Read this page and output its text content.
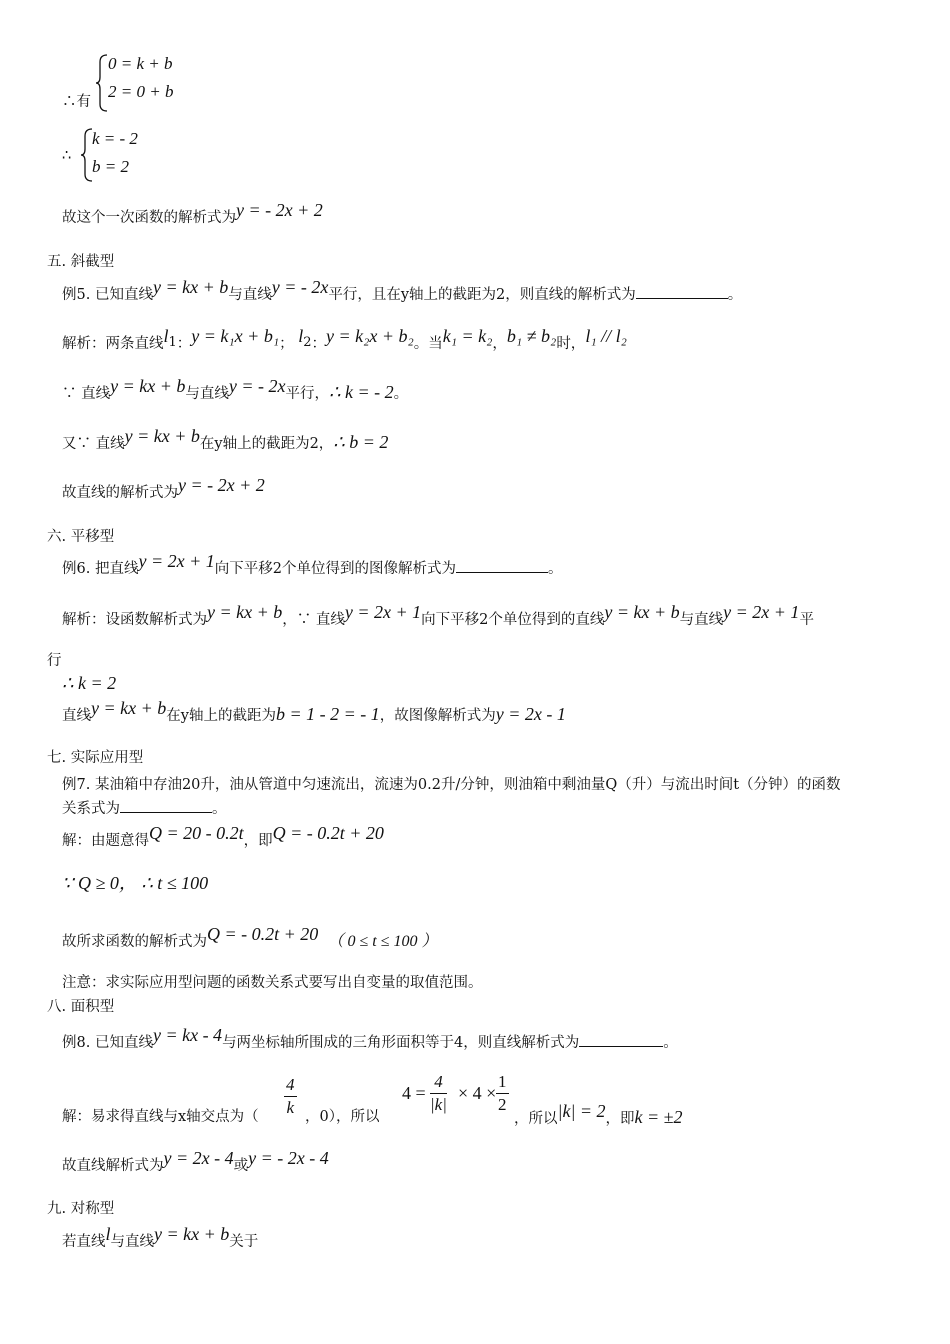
∴有
0 = k + b
2 = 0 + b
∴
k = - 2
b = 2
故这个一次函数的解析式为y = - 2x + 2
五. 斜截型
例5. 已知直线y = kx + b与直线y = - 2x平行，且在y轴上的截距为2，则直线的解析式为	。
解析：两条直线l1：y = k₁x + b₁； l2：y = k₂x + b₂。当k₁ = k₂，b₁ ≠ b₂时，l₁ // l₂
∵ 直线y = kx + b与直线y = - 2x平行，∴ k = - 2。
又∵ 直线y = kx + b在y轴上的截距为2，∴ b = 2
故直线的解析式为y = - 2x + 2
六. 平移型
例6. 把直线y = 2x + 1向下平移2个单位得到的图像解析式为	。
解析：设函数解析式为y = kx + b，∵ 直线y = 2x + 1向下平移2个单位得到的直线y = kx + b与直线y = 2x + 1平
行
∴ k = 2
直线y = kx + b在y轴上的截距为b = 1 - 2 = - 1，故图像解析式为y = 2x - 1
七. 实际应用型
例7. 某油箱中存油20升，油从管道中匀速流出，流速为0.2升/分钟，则油箱中剩油量Q（升）与流出时间t（分钟）的函数
关系式为	。
解：由题意得Q = 20 - 0.2t，即Q = - 0.2t + 20
∵ Q ≥ 0， ∴ t ≤ 100
故所求函数的解析式为Q = - 0.2t + 20 （ 0 ≤ t ≤ 100 ）
注意：求实际应用型问题的函数关系式要写出自变量的取值范围。
八. 面积型
例8. 已知直线y = kx - 4与两坐标轴所围成的三角形面积等于4，则直线解析式为	。
解：易求得直线与x轴交点为（ $\frac{4}{k}$ ，0），所以
$4 = \frac{4}{|k|} \times 4 \times \frac{1}{2}$
，所以|k| = 2，即k = ±2
故直线解析式为y = 2x - 4或y = - 2x - 4
九. 对称型
若直线l与直线y = kx + b关于
